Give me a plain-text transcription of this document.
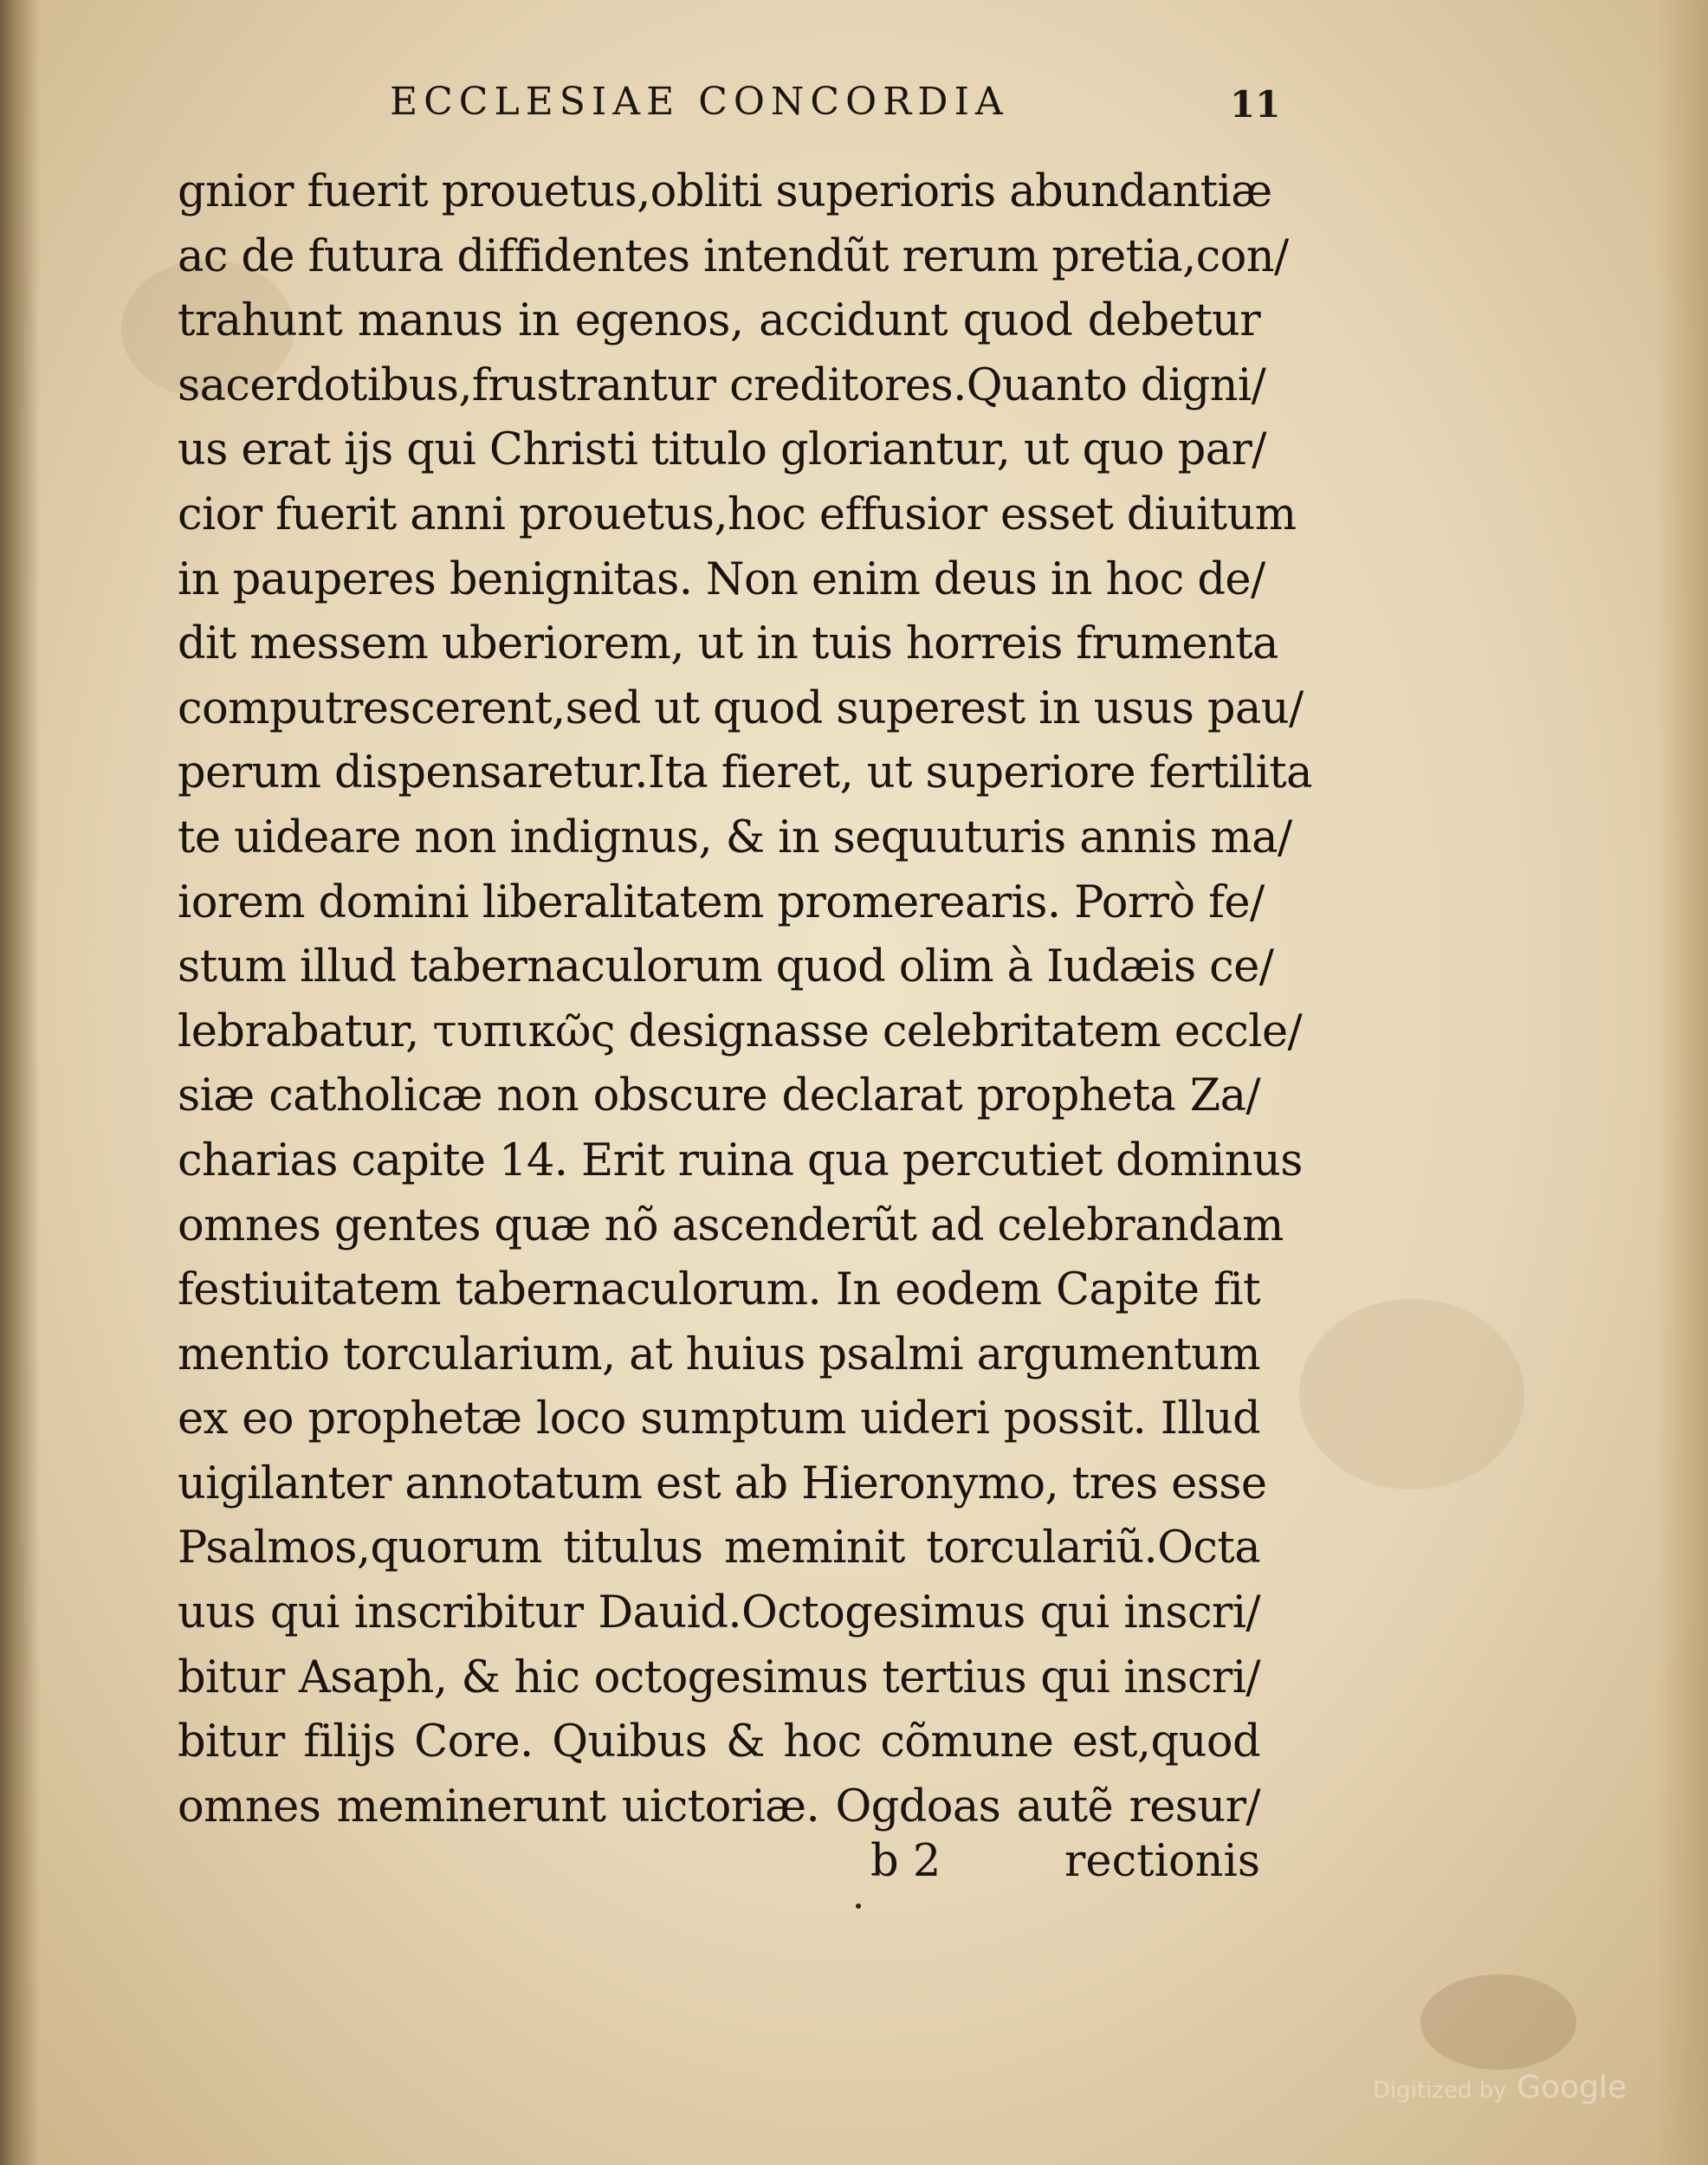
ECCLESIAE CONCORDIA	11
gnior fuerit prouetus,obliti superioris abundantiæ
ac de futura diffidentes intendũt rerum pretia,con/
trahunt manus in egenos, accidunt quod debetur
sacerdotibus,frustrantur creditores.Quanto digni/
us erat ijs qui Christi titulo gloriantur, ut quo par/
cior fuerit anni prouetus,hoc effusior esset diuitum
in pauperes benignitas. Non enim deus in hoc de/
dit messem uberiorem, ut in tuis horreis frumenta
computrescerent,sed ut quod superest in usus pau/
perum dispensaretur.Ita fieret, ut superiore fertilita
te uideare non indignus, & in sequuturis annis ma/
iorem domini liberalitatem promerearis. Porrò fe/
stum illud tabernaculorum quod olim à Iudæis ce/
lebrabatur, τυπικῶς designasse celebritatem eccle/
siæ catholicæ non obscure declarat propheta Za/
charias capite 14. Erit ruina qua percutiet dominus
omnes gentes quæ nõ ascenderũt ad celebrandam
festiuitatem tabernaculorum. In eodem Capite fit
mentio torcularium, at huius psalmi argumentum
ex eo prophetæ loco sumptum uideri possit. Illud
uigilanter annotatum est ab Hieronymo, tres esse
Psalmos,quorum titulus meminit torculariũ.Octa
uus qui inscribitur Dauid.Octogesimus qui inscri/
bitur Asaph, & hic octogesimus tertius qui inscri/
bitur filijs Core. Quibus & hoc cõmune est,quod
omnes meminerunt uictoriæ. Ogdoas autẽ resur/
b 2	rectionis
Digitized by Google
